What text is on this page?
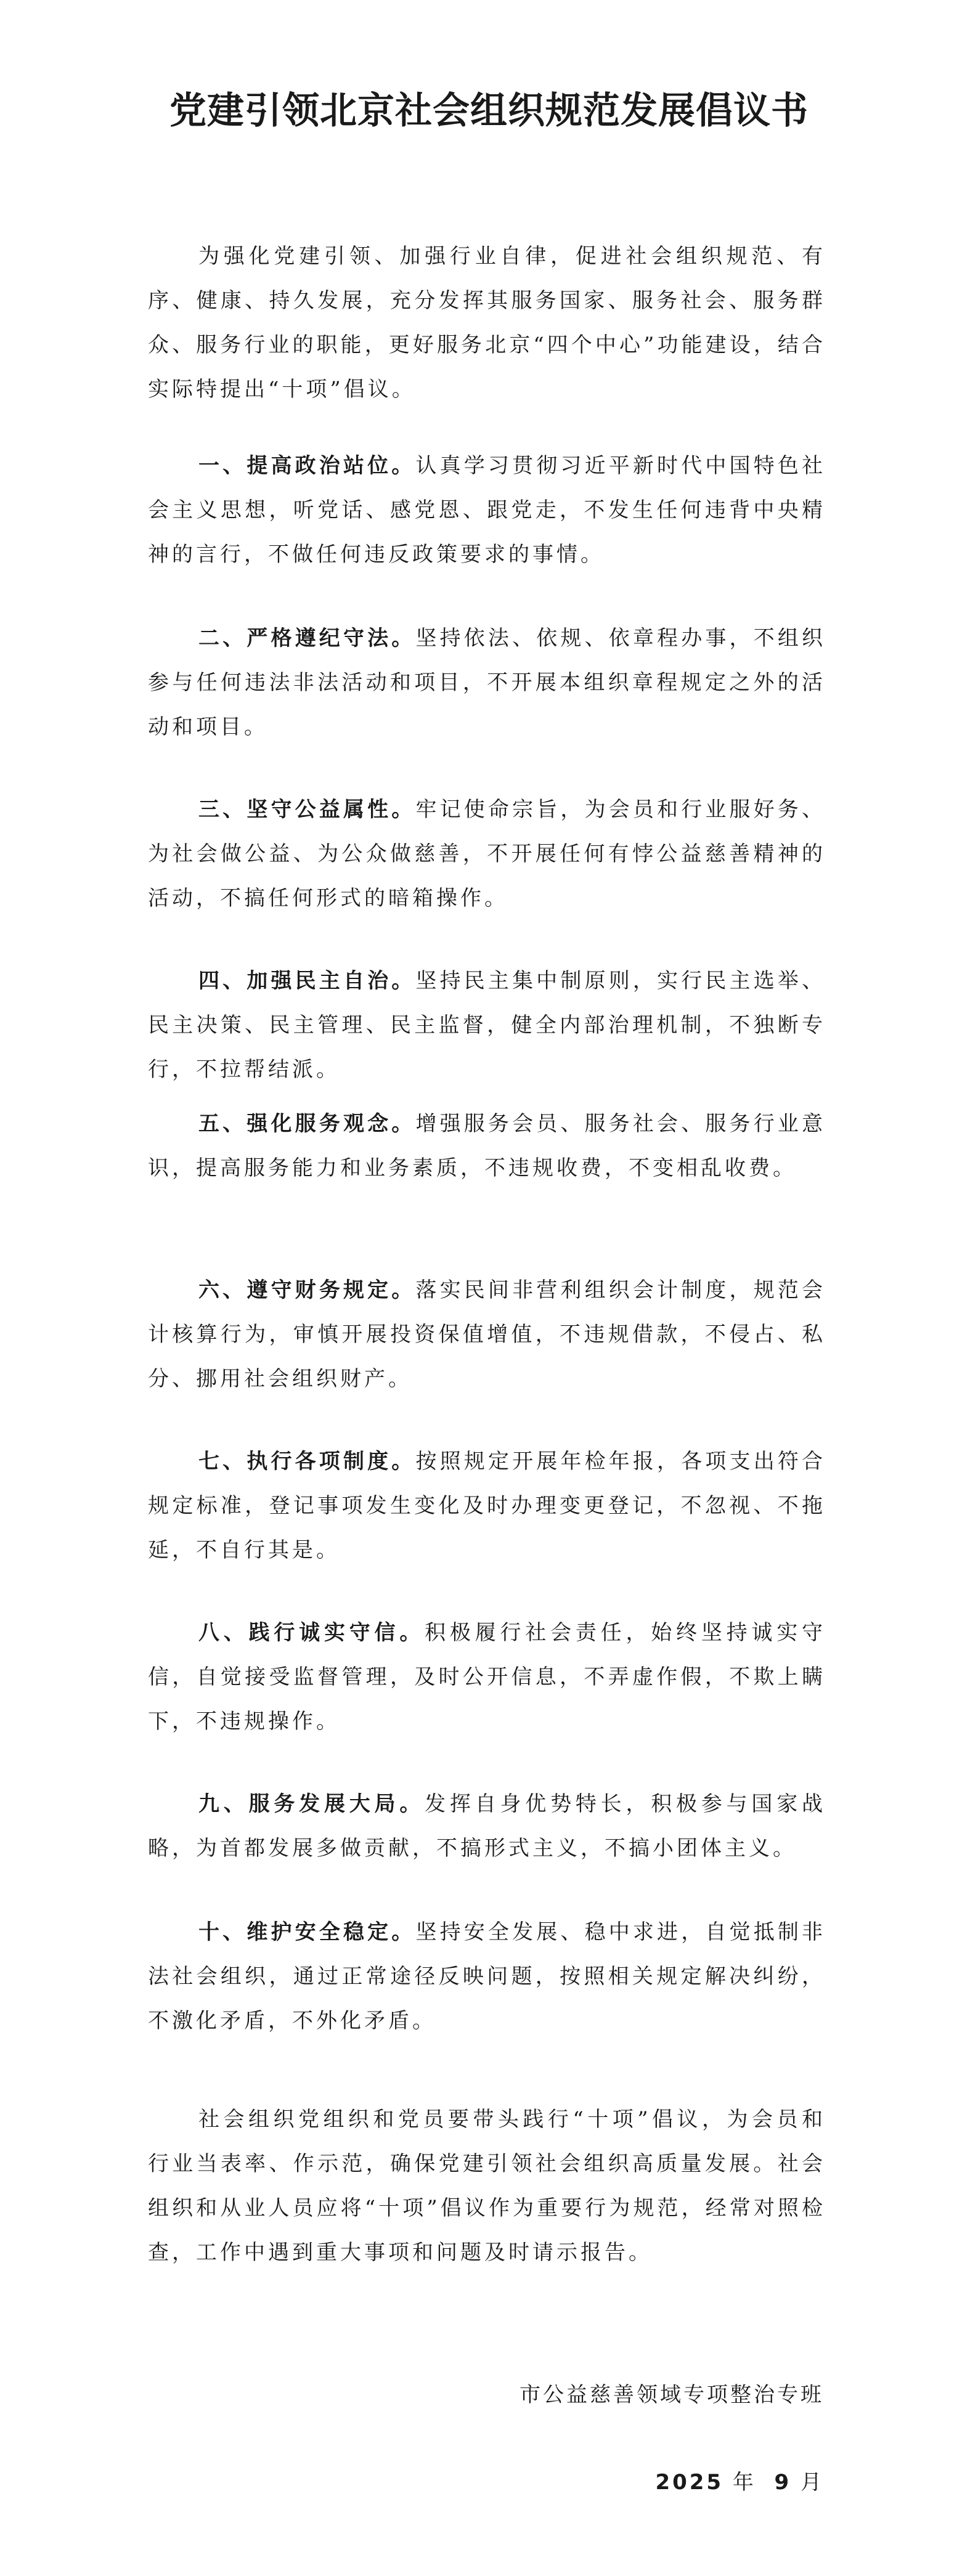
党建引领北京社会组织规范发展倡议书

为强化党建引领、加强行业自律，促进社会组织规范、有序、健康、持久发展，充分发挥其服务国家、服务社会、服务群众、服务行业的职能，更好服务北京“四个中心”功能建设，结合实际特提出“十项”倡议。

一、提高政治站位。认真学习贯彻习近平新时代中国特色社会主义思想，听党话、感党恩、跟党走，不发生任何违背中央精神的言行，不做任何违反政策要求的事情。

二、严格遵纪守法。坚持依法、依规、依章程办事，不组织参与任何违法非法活动和项目，不开展本组织章程规定之外的活动和项目。

三、坚守公益属性。牢记使命宗旨，为会员和行业服好务、为社会做公益、为公众做慈善，不开展任何有悖公益慈善精神的活动，不搞任何形式的暗箱操作。

四、加强民主自治。坚持民主集中制原则，实行民主选举、民主决策、民主管理、民主监督，健全内部治理机制，不独断专行，不拉帮结派。

五、强化服务观念。增强服务会员、服务社会、服务行业意识，提高服务能力和业务素质，不违规收费，不变相乱收费。

六、遵守财务规定。落实民间非营利组织会计制度，规范会计核算行为，审慎开展投资保值增值，不违规借款，不侵占、私分、挪用社会组织财产。

七、执行各项制度。按照规定开展年检年报，各项支出符合规定标准，登记事项发生变化及时办理变更登记，不忽视、不拖延，不自行其是。

八、践行诚实守信。积极履行社会责任，始终坚持诚实守信，自觉接受监督管理，及时公开信息，不弄虚作假，不欺上瞒下，不违规操作。

九、服务发展大局。发挥自身优势特长，积极参与国家战略，为首都发展多做贡献，不搞形式主义，不搞小团体主义。

十、维护安全稳定。坚持安全发展、稳中求进，自觉抵制非法社会组织，通过正常途径反映问题，按照相关规定解决纠纷，不激化矛盾，不外化矛盾。

社会组织党组织和党员要带头践行“十项”倡议，为会员和行业当表率、作示范，确保党建引领社会组织高质量发展。社会组织和从业人员应将“十项”倡议作为重要行为规范，经常对照检查，工作中遇到重大事项和问题及时请示报告。

市公益慈善领域专项整治专班

2025 年 9 月
